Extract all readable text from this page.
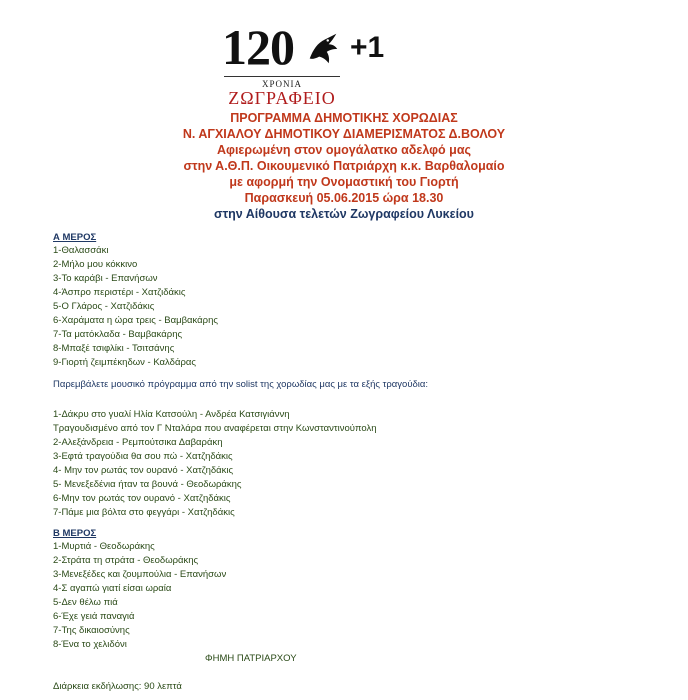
120 +1
ΧΡΟΝΙΑ
ΖΩΓΡΑΦΕΙΟ
ΠΡΟΓΡΑΜΜΑ ΔΗΜΟΤΙΚΗΣ ΧΟΡΩΔΙΑΣ
Ν. ΑΓΧΙΑΛΟΥ ΔΗΜΟΤΙΚΟΥ ΔΙΑΜΕΡΙΣΜΑΤΟΣ Δ.ΒΟΛΟΥ
Αφιερωμένη στον ομογάλατκο αδελφό μας
στην Α.Θ.Π. Οικουμενικό Πατριάρχη κ.κ. Βαρθαλομαίο
με αφορμή την Ονομαστική του Γιορτή
Παρασκευή 05.06.2015 ώρα 18.30
στην Αίθουσα τελετών Ζωγραφείου Λυκείου
Α ΜΕΡΟΣ
1-Θαλασσάκι
2-Μήλο μου κόκκινο
3-Το καράβι - Επανήσων
4-Άσπρο περιστέρι - Χατζιδάκις
5-Ο Γλάρος - Χατζιδάκις
6-Χαράματα η ώρα τρεις - Βαμβακάρης
7-Τα ματόκλαδα - Βαμβακάρης
8-Μπαξέ τσιφλίκι - Τσιτσάνης
9-Γιορτή ζειμπέκηδων - Καλδάρας
Παρεμβάλετε μουσικό πρόγραμμα από την solist της χορωδίας μας με τα εξής τραγούδια:
1-Δάκρυ στο γυαλί Ηλία Κατσούλη - Ανδρέα Κατσιγιάννη
Τραγουδισμένο από τον Γ Νταλάρα που αναφέρεται στην Κωνσταντινούπολη
2-Αλεξάνδρεια - Ρεμπούτσικα Δαβαράκη
3-Εφτά τραγούδια θα σου πώ - Χατζηδάκις
4- Μην τον ρωτάς τον ουρανό - Χατζηδάκις
5- Μενεξεδένια ήταν τα βουνά - Θεοδωράκης
6-Μην τον ρωτάς τον ουρανό - Χατζηδάκις
7-Πάμε μια βόλτα στο φεγγάρι - Χατζηδάκις
Β ΜΕΡΟΣ
1-Μυρτιά - Θεοδωράκης
2-Στράτα τη στράτα - Θεοδωράκης
3-Μενεξέδες και ζουμπούλια - Επανήσων
4-Σ αγαπώ γιατί είσαι ωραία
5-Δεν θέλω πιά
6-Έχε γειά παναγιά
7-Της δικαιοσύνης
8-Ένα το χελιδόνι
ΦΗΜΗ ΠΑΤΡΙΑΡΧΟΥ
Διάρκεια εκδήλωσης: 90 λεπτά
